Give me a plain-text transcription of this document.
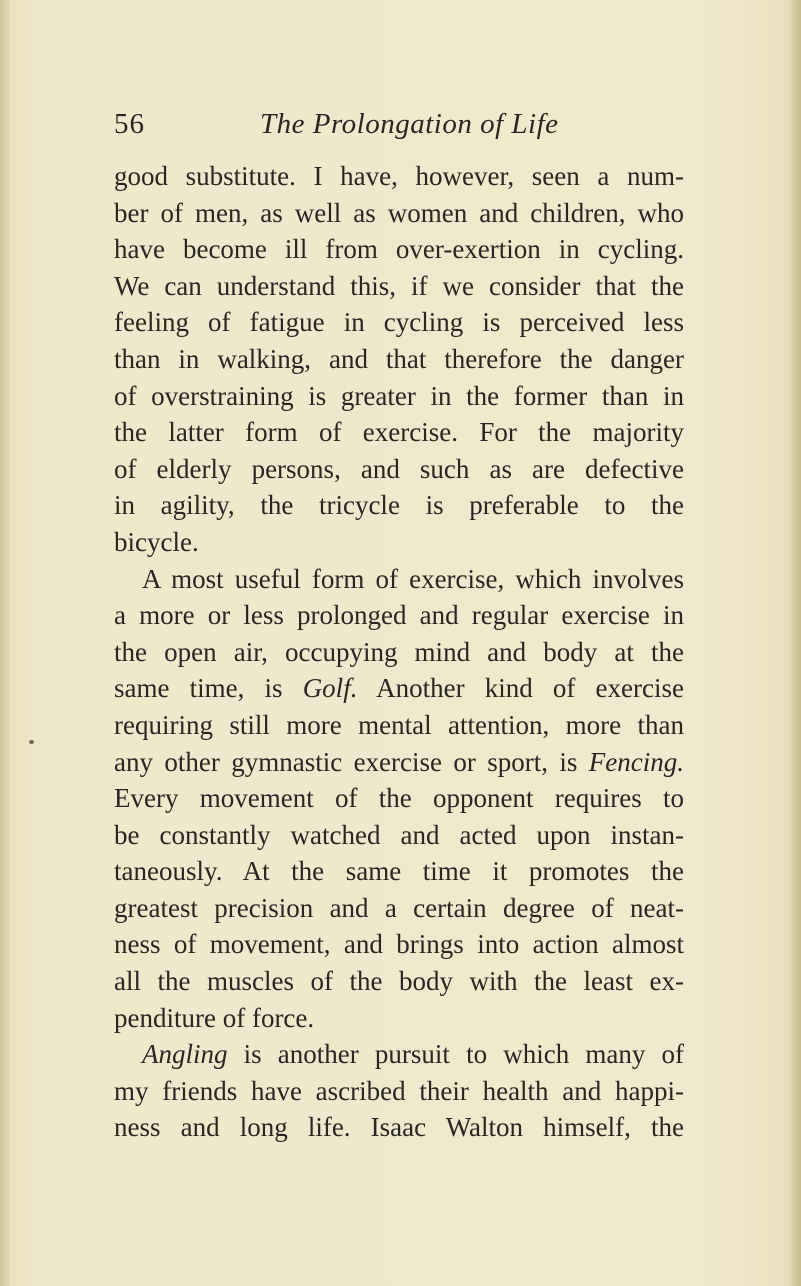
56	The Prolongation of Life
good substitute. I have, however, seen a num-
ber of men, as well as women and children, who
have become ill from over-exertion in cycling.
We can understand this, if we consider that the
feeling of fatigue in cycling is perceived less
than in walking, and that therefore the danger
of overstraining is greater in the former than in
the latter form of exercise. For the majority
of elderly persons, and such as are defective
in agility, the tricycle is preferable to the
bicycle.
A most useful form of exercise, which involves
a more or less prolonged and regular exercise in
the open air, occupying mind and body at the
same time, is Golf. Another kind of exercise
requiring still more mental attention, more than
any other gymnastic exercise or sport, is Fencing.
Every movement of the opponent requires to
be constantly watched and acted upon instan-
taneously. At the same time it promotes the
greatest precision and a certain degree of neat-
ness of movement, and brings into action almost
all the muscles of the body with the least ex-
penditure of force.
Angling is another pursuit to which many of
my friends have ascribed their health and happi-
ness and long life. Isaac Walton himself, the
